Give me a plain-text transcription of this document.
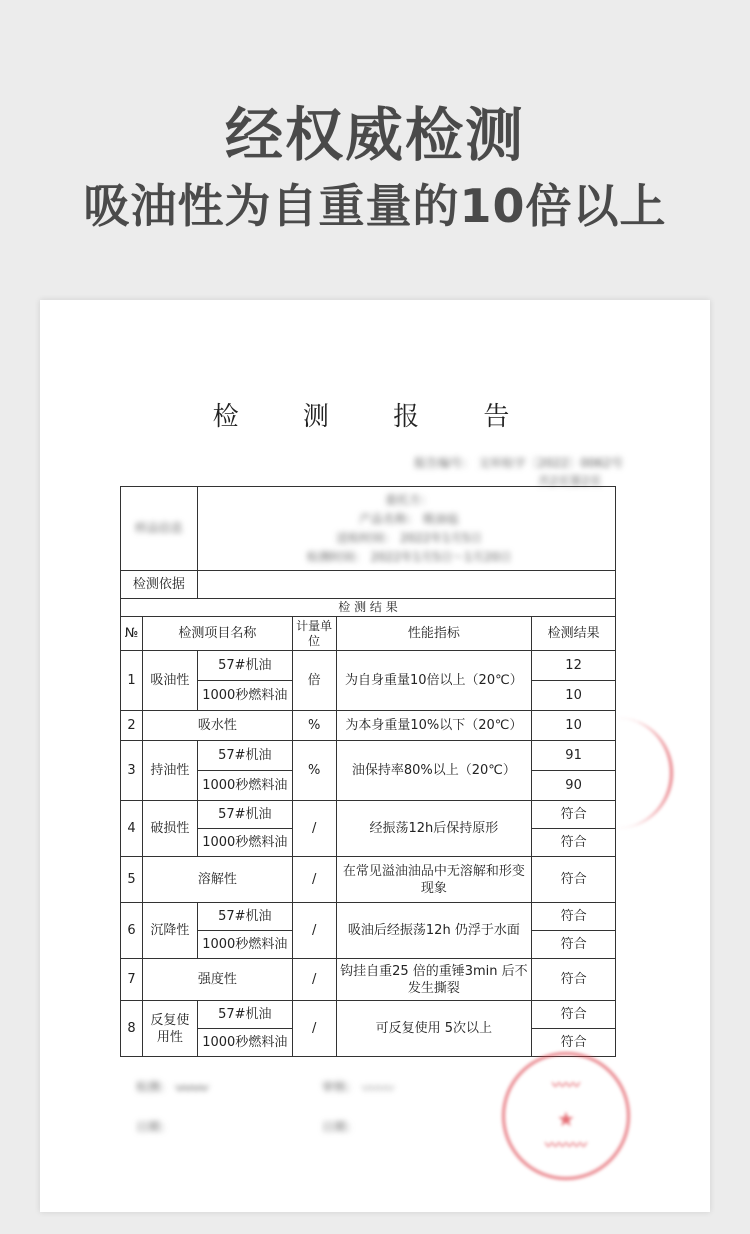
经权威检测
吸油性为自重量的10倍以上
检 测 报 告
报告编号： 文环检字〔2022〕0062号
共2页第2页
样品信息		委托方：
产品名称： 吸油毡
送检时间： 2022年1月5日
检测时间： 2022年1月5日～1月20日			

检测依据					
检 测 结 果					
№	检测项目名称		计量单位	性能指标	检测结果
1	吸油性	57#机油	倍	为自身重量10倍以上（20℃）	12
		1000秒燃料油			10
2	吸水性		%	为本身重量10%以下（20℃）	10
3	持油性	57#机油	%	油保持率80%以上（20℃）	91
		1000秒燃料油			90
4	破损性	57#机油	/	经振荡12h后保持原形	符合
		1000秒燃料油			符合
5	溶解性		/	在常见溢油油品中无溶解和形变现象	符合
6	沉降性	57#机油	/	吸油后经振荡12h 仍浮于水面	符合
		1000秒燃料油			符合
7	强度性		/	钩挂自重25 倍的重锤3min 后不发生撕裂	符合
8	反复使用性	57#机油	/	可反复使用 5次以上	符合
		1000秒燃料油			符合
检测： 〰〰	审核： 〰〰
日期：	日期：
〰〰
★
〰〰〰
